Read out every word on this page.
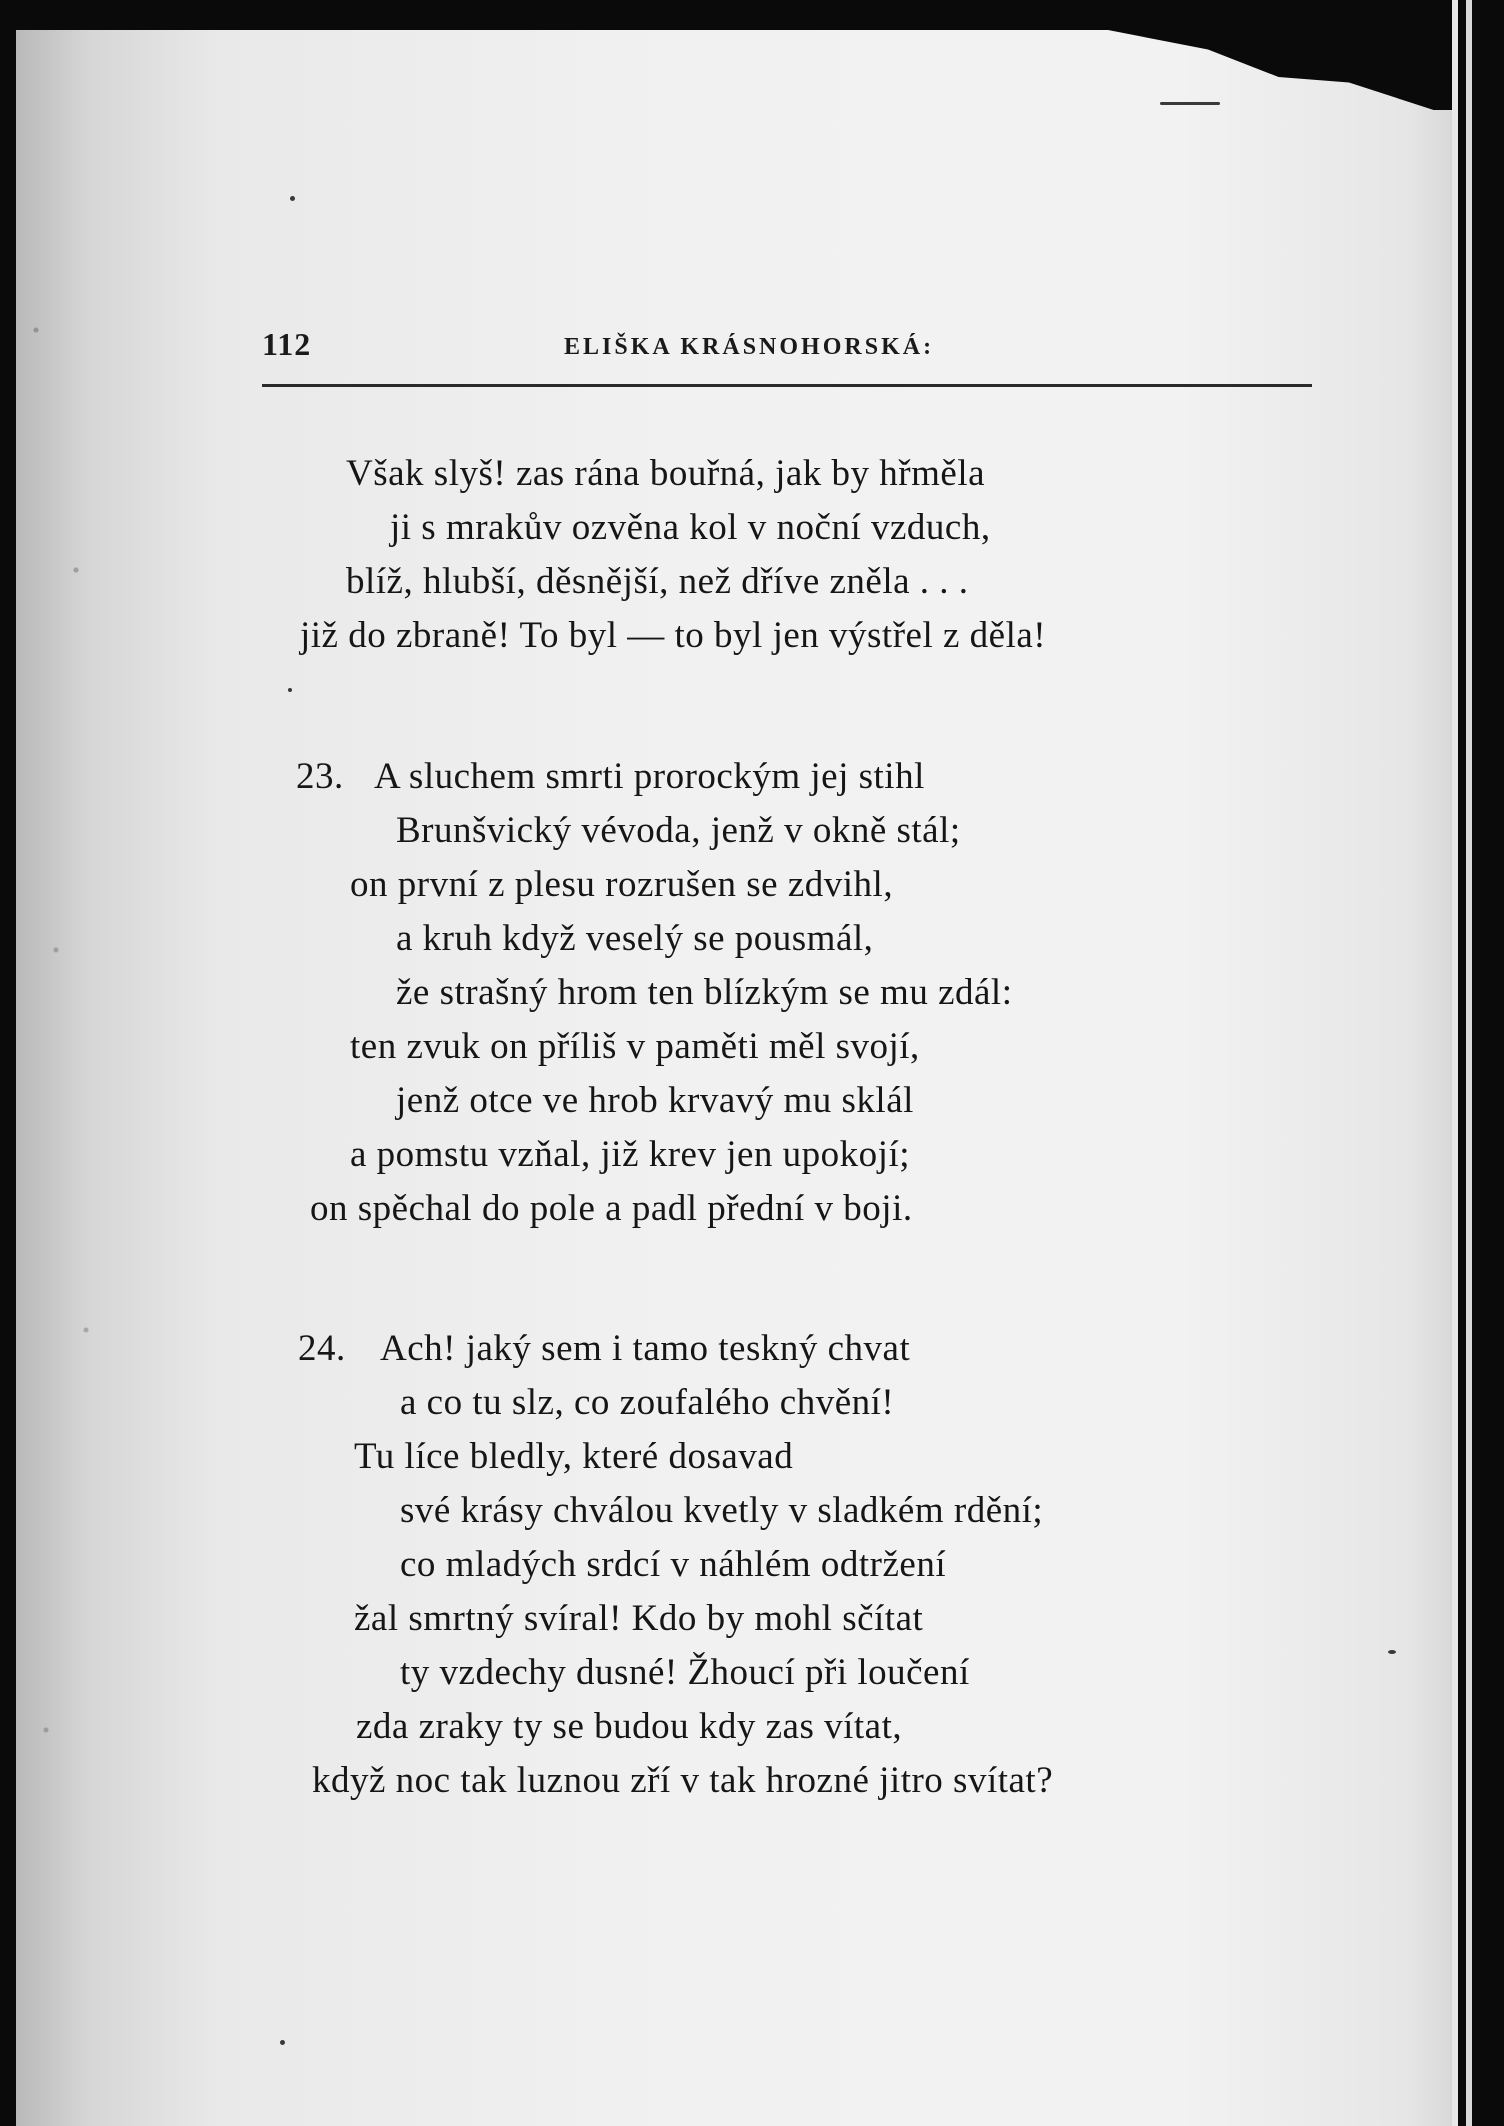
112	ELIŠKA KRÁSNOHORSKÁ:
Však slyš! zas rána bouřná, jak by hřměla
ji s mrakův ozvěna kol v noční vzduch,
blíž, hlubší, děsnější, než dříve zněla . . .
již do zbraně! To byl — to byl jen výstřel z děla!
23. A sluchem smrti prorockým jej stihl
Brunšvický vévoda, jenž v okně stál;
on první z plesu rozrušen se zdvihl,
a kruh když veselý se pousmál,
že strašný hrom ten blízkým se mu zdál:
ten zvuk on příliš v paměti měl svojí,
jenž otce ve hrob krvavý mu sklál
a pomstu vzňal, již krev jen upokojí;
on spěchal do pole a padl přední v boji.
24. Ach! jaký sem i tamo teskný chvat
a co tu slz, co zoufalého chvění!
Tu líce bledly, které dosavad
své krásy chválou kvetly v sladkém rdění;
co mladých srdcí v náhlém odtržení
žal smrtný svíral! Kdo by mohl sčítat
ty vzdechy dusné! Žhoucí při loučení
zda zraky ty se budou kdy zas vítat,
když noc tak luznou zří v tak hrozné jitro svítat?
